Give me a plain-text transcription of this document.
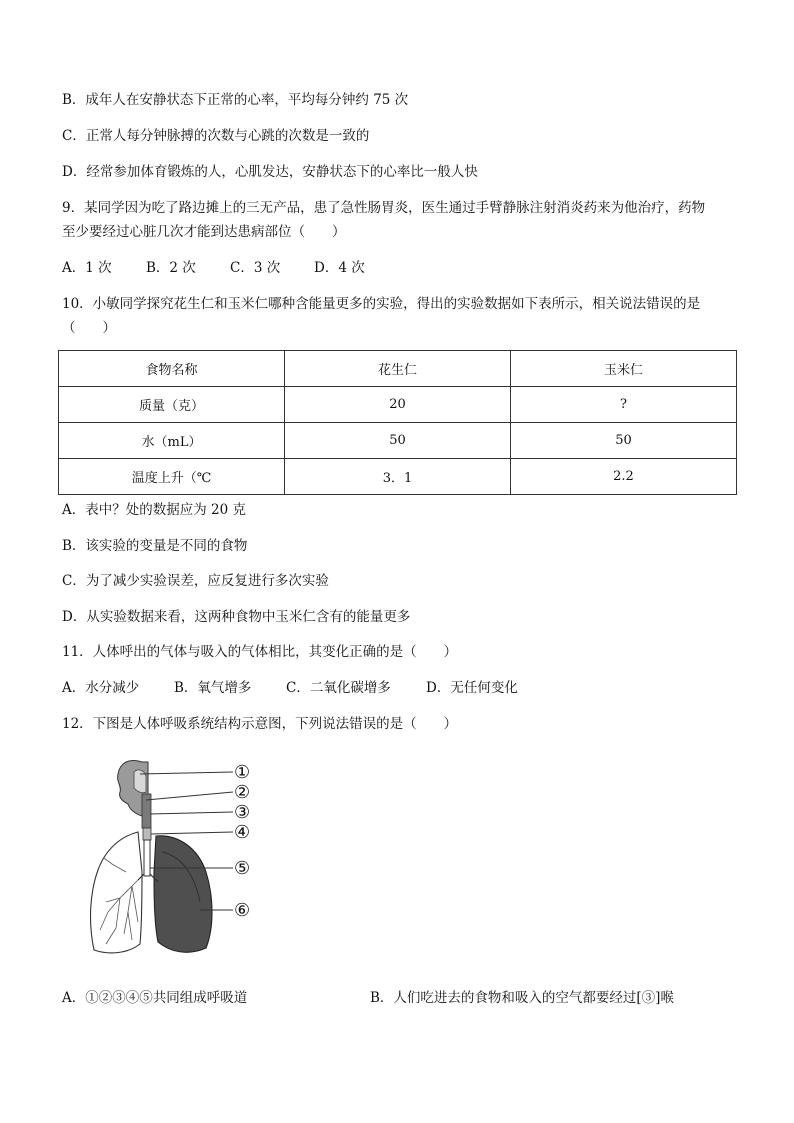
B．成年人在安静状态下正常的心率，平均每分钟约 75 次
C．正常人每分钟脉搏的次数与心跳的次数是一致的
D．经常参加体育锻炼的人，心肌发达，安静状态下的心率比一般人快
9．某同学因为吃了路边摊上的三无产品，患了急性肠胃炎，医生通过手臂静脉注射消炎药来为他治疗，药物
至少要经过心脏几次才能到达患病部位（　　）
A．1 次	B．2 次	C．3 次	D．4 次
10．小敏同学探究花生仁和玉米仁哪种含能量更多的实验，得出的实验数据如下表所示，相关说法错误的是
（　　）
食物名称	花生仁	玉米仁
质量（克）	20	?
水（mL）	50	50
温度上升（℃	3．1	2.2
A．表中？处的数据应为 20 克
B．该实验的变量是不同的食物
C．为了减少实验误差，应反复进行多次实验
D．从实验数据来看，这两种食物中玉米仁含有的能量更多
11．人体呼出的气体与吸入的气体相比，其变化正确的是（　　）
A．水分减少	B．氧气增多	C．二氧化碳增多	D．无任何变化
12．下图是人体呼吸系统结构示意图，下列说法错误的是（　　）
①
②
③
④
⑤
⑥
A．①②③④⑤共同组成呼吸道	B．人们吃进去的食物和吸入的空气都要经过[③]喉
